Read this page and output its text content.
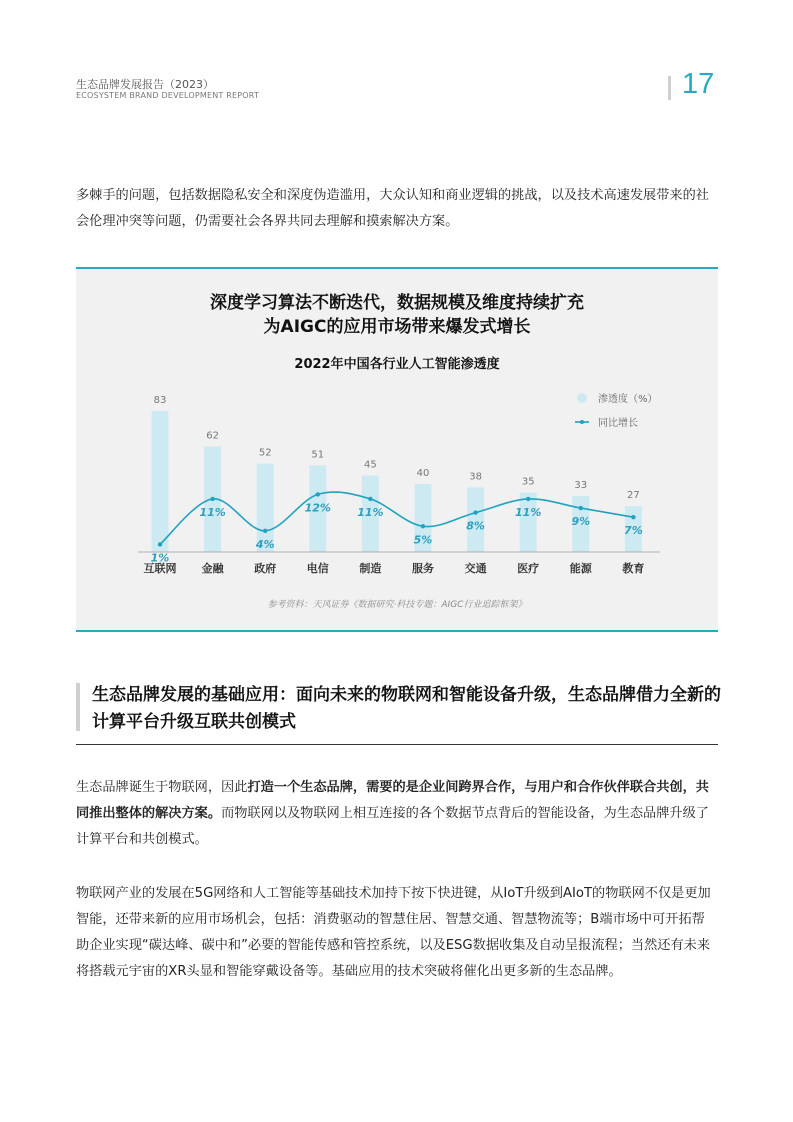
生态品牌发展报告（2023）
ECOSYSTEM BRAND DEVELOPMENT REPORT	17

多棘手的问题，包括数据隐私安全和深度伪造滥用，大众认知和商业逻辑的挑战，以及技术高速发展带来的社会伦理冲突等问题，仍需要社会各界共同去理解和摸索解决方案。

深度学习算法不断迭代，数据规模及维度持续扩充
为AIGC的应用市场带来爆发式增长
2022年中国各行业人工智能渗透度
83
互联网
62
金融
52
政府
51
电信
45
制造
40
服务
38
交通
35
医疗
33
能源
27
教育
1%
11%
4%
12% 11%
5%
8%
11%
9%
7%
渗透度（%）
同比增长
参考资料：天风证券《数据研究·科技专题：AIGC行业追踪框架》
生态品牌发展的基础应用：面向未来的物联网和智能设备升级，生态品牌借力全新的计算平台升级互联共创模式

生态品牌诞生于物联网，因此打造一个生态品牌，需要的是企业间跨界合作，与用户和合作伙伴联合共创，共同推出整体的解决方案。而物联网以及物联网上相互连接的各个数据节点背后的智能设备，为生态品牌升级了计算平台和共创模式。

物联网产业的发展在5G网络和人工智能等基础技术加持下按下快进键，从IoT升级到AIoT的物联网不仅是更加智能，还带来新的应用市场机会，包括：消费驱动的智慧住居、智慧交通、智慧物流等；B端市场中可开拓帮助企业实现“碳达峰、碳中和”必要的智能传感和管控系统，以及ESG数据收集及自动呈报流程；当然还有未来将搭载元宇宙的XR头显和智能穿戴设备等。基础应用的技术突破将催化出更多新的生态品牌。
